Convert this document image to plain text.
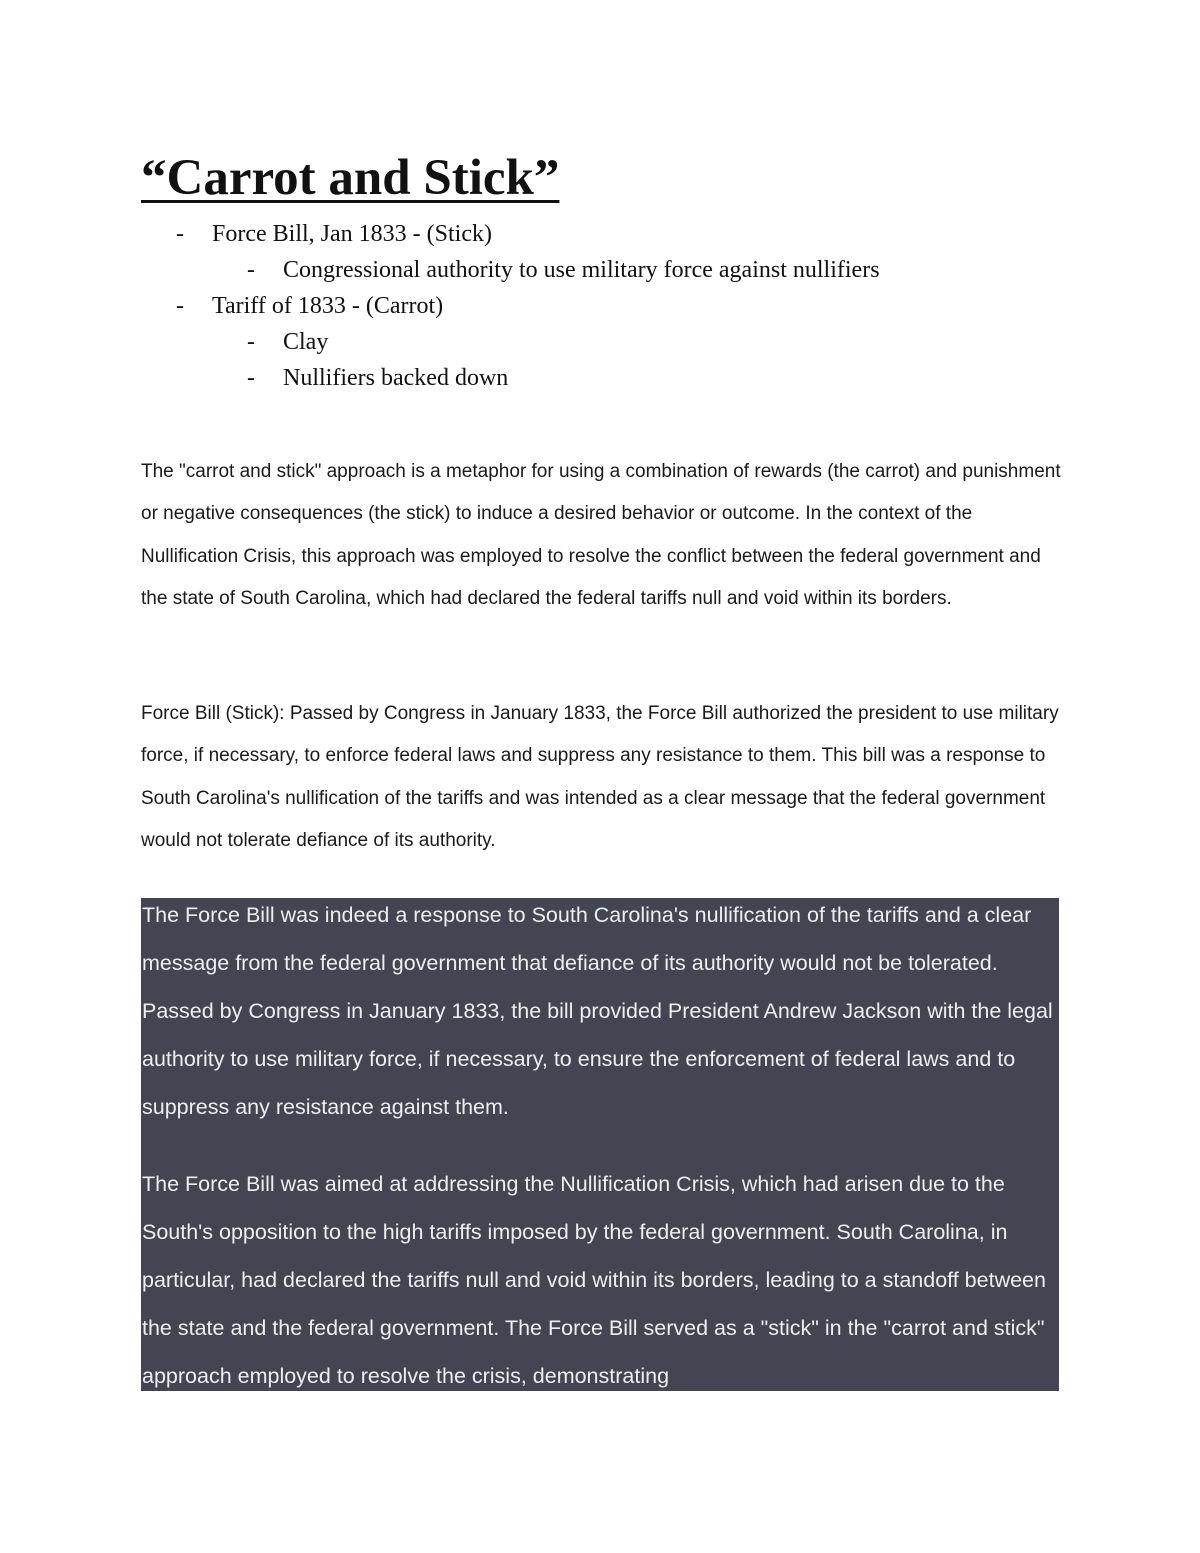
“Carrot and Stick”
- Force Bill, Jan 1833 - (Stick)
- Congressional authority to use military force against nullifiers
- Tariff of 1833 - (Carrot)
- Clay
- Nullifiers backed down

The "carrot and stick" approach is a metaphor for using a combination of rewards (the carrot) and punishment or negative consequences (the stick) to induce a desired behavior or outcome. In the context of the Nullification Crisis, this approach was employed to resolve the conflict between the federal government and the state of South Carolina, which had declared the federal tariffs null and void within its borders.

Force Bill (Stick): Passed by Congress in January 1833, the Force Bill authorized the president to use military force, if necessary, to enforce federal laws and suppress any resistance to them. This bill was a response to South Carolina's nullification of the tariffs and was intended as a clear message that the federal government would not tolerate defiance of its authority.

The Force Bill was indeed a response to South Carolina's nullification of the tariffs and a clear message from the federal government that defiance of its authority would not be tolerated. Passed by Congress in January 1833, the bill provided President Andrew Jackson with the legal authority to use military force, if necessary, to ensure the enforcement of federal laws and to suppress any resistance against them.

The Force Bill was aimed at addressing the Nullification Crisis, which had arisen due to the South's opposition to the high tariffs imposed by the federal government. South Carolina, in particular, had declared the tariffs null and void within its borders, leading to a standoff between the state and the federal government. The Force Bill served as a "stick" in the "carrot and stick" approach employed to resolve the crisis, demonstrating
